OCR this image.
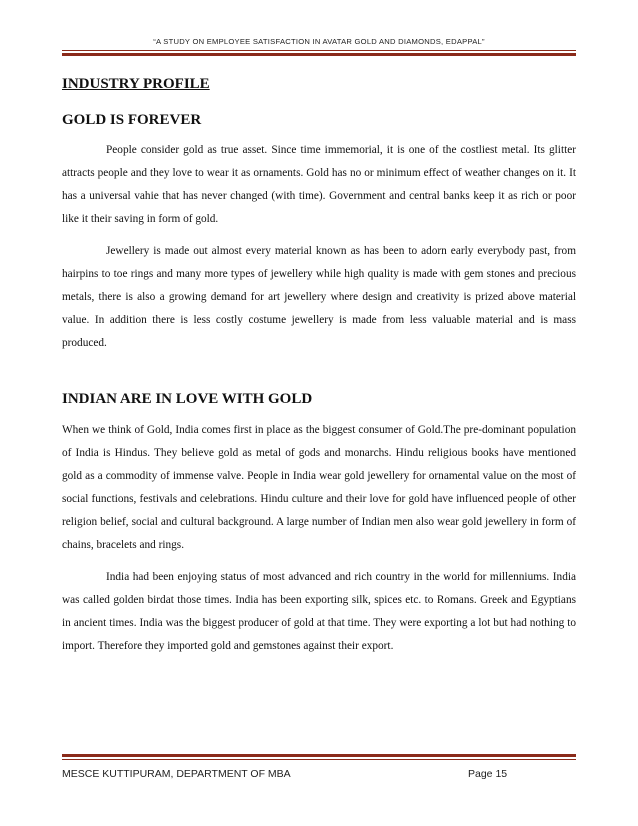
“A STUDY ON EMPLOYEE SATISFACTION IN AVATAR GOLD AND DIAMONDS, EDAPPAL”
INDUSTRY PROFILE
GOLD IS FOREVER

People consider gold as true asset. Since time immemorial, it is one of the costliest metal. Its glitter attracts people and they love to wear it as ornaments. Gold has no or minimum effect of weather changes on it. It has a universal vahie that has never changed (with time). Government and central banks keep it as rich or poor like it their saving in form of gold.

Jewellery is made out almost every material known as has been to adorn early everybody past, from hairpins to toe rings and many more types of jewellery while high quality is made with gem stones and precious metals, there is also a growing demand for art jewellery where design and creativity is prized above material value. In addition there is less costly costume jewellery is made from less valuable material and is mass produced.

INDIAN ARE IN LOVE WITH GOLD

When we think of Gold, India comes first in place as the biggest consumer of Gold.The pre-dominant population of India is Hindus. They believe gold as metal of gods and monarchs. Hindu religious books have mentioned gold as a commodity of immense valve. People in India wear gold jewellery for ornamental value on the most of social functions, festivals and celebrations. Hindu culture and their love for gold have influenced people of other religion belief, social and cultural background. A large number of Indian men also wear gold jewellery in form of chains, bracelets and rings.

India had been enjoying status of most advanced and rich country in the world for millenniums. India was called golden birdat those times. India has been exporting silk, spices etc. to Romans. Greek and Egyptians in ancient times. India was the biggest producer of gold at that time. They were exporting a lot but had nothing to import. Therefore they imported gold and gemstones against their export.

MESCE KUTTIPURAM, DEPARTMENT OF MBA	Page 15
